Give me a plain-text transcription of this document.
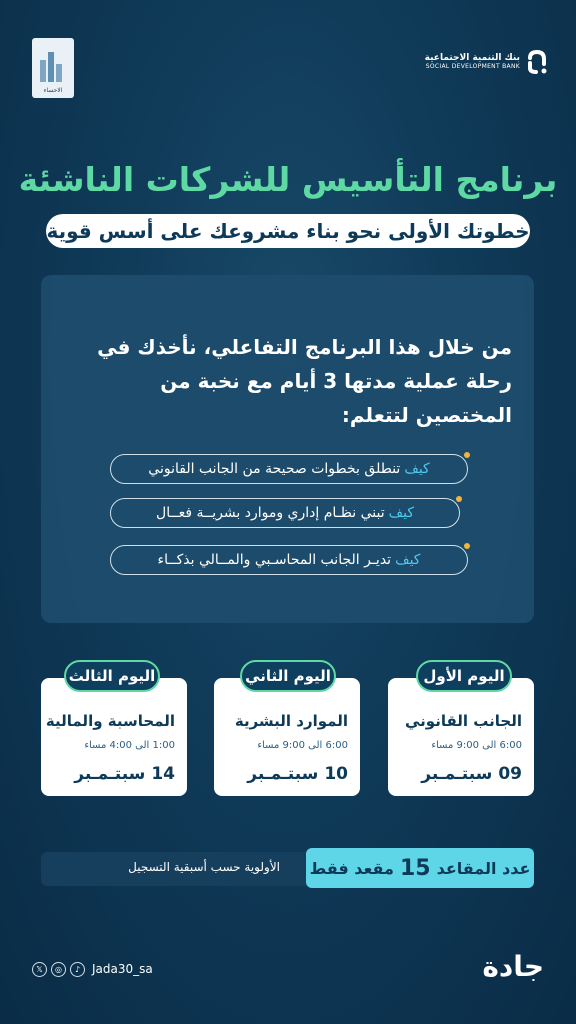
الاحساء
بنك التنمية الاجتماعية
SOCIAL DEVELOPMENT BANK
برنامج التأسيس للشركات الناشئة
خطوتك الأولى نحو بناء مشروعك على أسس قوية
من خلال هذا البرنامج التفاعلي، نأخذك في رحلة عملية مدتها 3 أيام مع نخبة من المختصين لتتعلم:
كيف
تنطلق بخطوات صحيحة من الجانب القانوني
كيف
تبني نظـام إداري وموارد بشريــة فعــال
كيف
تديـر الجانب المحاسـبي والمــالي بذكــاء
الجانب القانوني
6:00 الى 9:00 مساء
09 سبتـمـبر
اليوم الأول
الموارد البشرية
6:00 الى 9:00 مساء
10 سبتـمـبر
اليوم الثاني
المحاسبة والمالية
1:00 الى 4:00 مساء
14 سبتـمـبر
اليوم الثالث
الأولوية حسب أسبقية التسجيل	عدد المقاعد
15
مقعد فقط
𝕏	◎	♪ Jada30_sa	جادة
